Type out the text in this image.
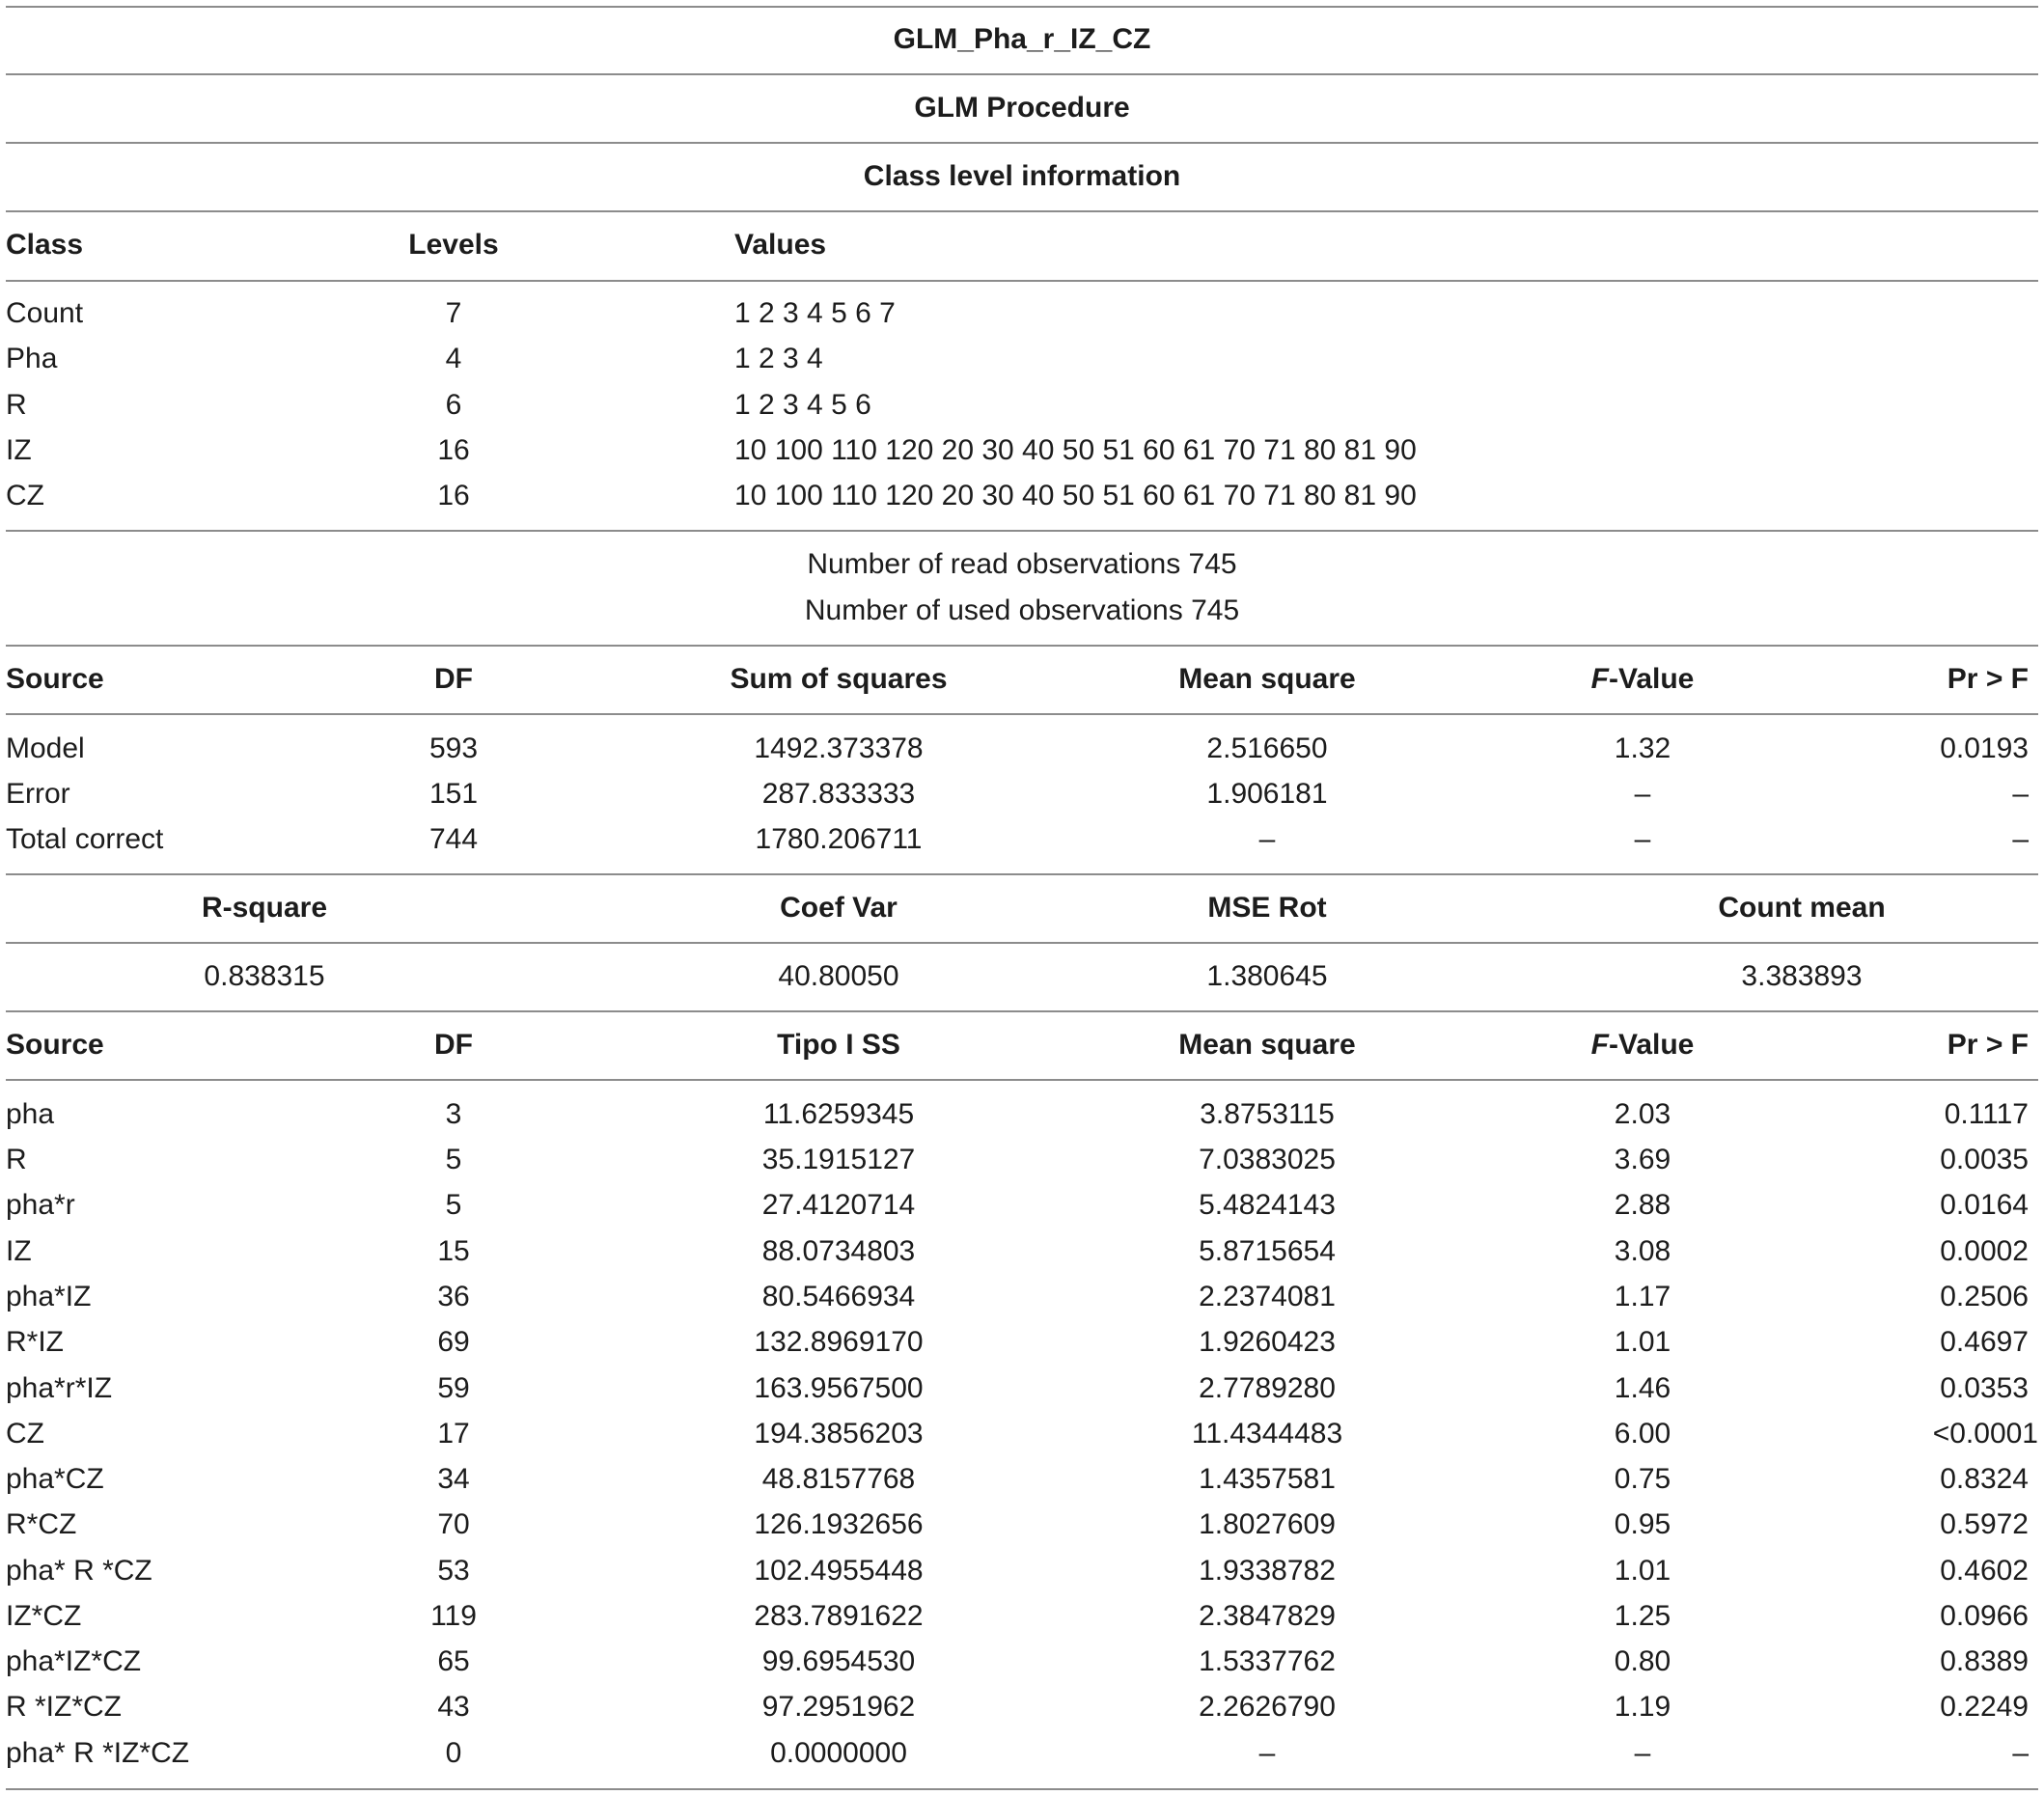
GLM_Pha_r_IZ_CZ
GLM Procedure
Class level information
Class	Levels	Values
Count	7	1 2 3 4 5 6 7
Pha	4	1 2 3 4
R	6	1 2 3 4 5 6
IZ	16	10 100 110 120 20 30 40 50 51 60 61 70 71 80 81 90
CZ	16	10 100 110 120 20 30 40 50 51 60 61 70 71 80 81 90
Number of read observations 745
Number of used observations 745
Source	DF	Sum of squares	Mean square	F-Value	Pr > F
Model	593	1492.373378	2.516650	1.32	0.0193
Error	151	287.833333	1.906181	–	–
Total correct	744	1780.206711	–	–	–
R-square	Coef Var	MSE Rot	Count mean
0.838315	40.80050	1.380645	3.383893
Source	DF	Tipo I SS	Mean square	F-Value	Pr > F
pha	3	11.6259345	3.8753115	2.03	0.1117
R	5	35.1915127	7.0383025	3.69	0.0035
pha*r	5	27.4120714	5.4824143	2.88	0.0164
IZ	15	88.0734803	5.8715654	3.08	0.0002
pha*IZ	36	80.5466934	2.2374081	1.17	0.2506
R*IZ	69	132.8969170	1.9260423	1.01	0.4697
pha*r*IZ	59	163.9567500	2.7789280	1.46	0.0353
CZ	17	194.3856203	11.4344483	6.00	<0.0001
pha*CZ	34	48.8157768	1.4357581	0.75	0.8324
R*CZ	70	126.1932656	1.8027609	0.95	0.5972
pha* R *CZ	53	102.4955448	1.9338782	1.01	0.4602
IZ*CZ	119	283.7891622	2.3847829	1.25	0.0966
pha*IZ*CZ	65	99.6954530	1.5337762	0.80	0.8389
R *IZ*CZ	43	97.2951962	2.2626790	1.19	0.2249
pha* R *IZ*CZ	0	0.0000000	–	–	–
